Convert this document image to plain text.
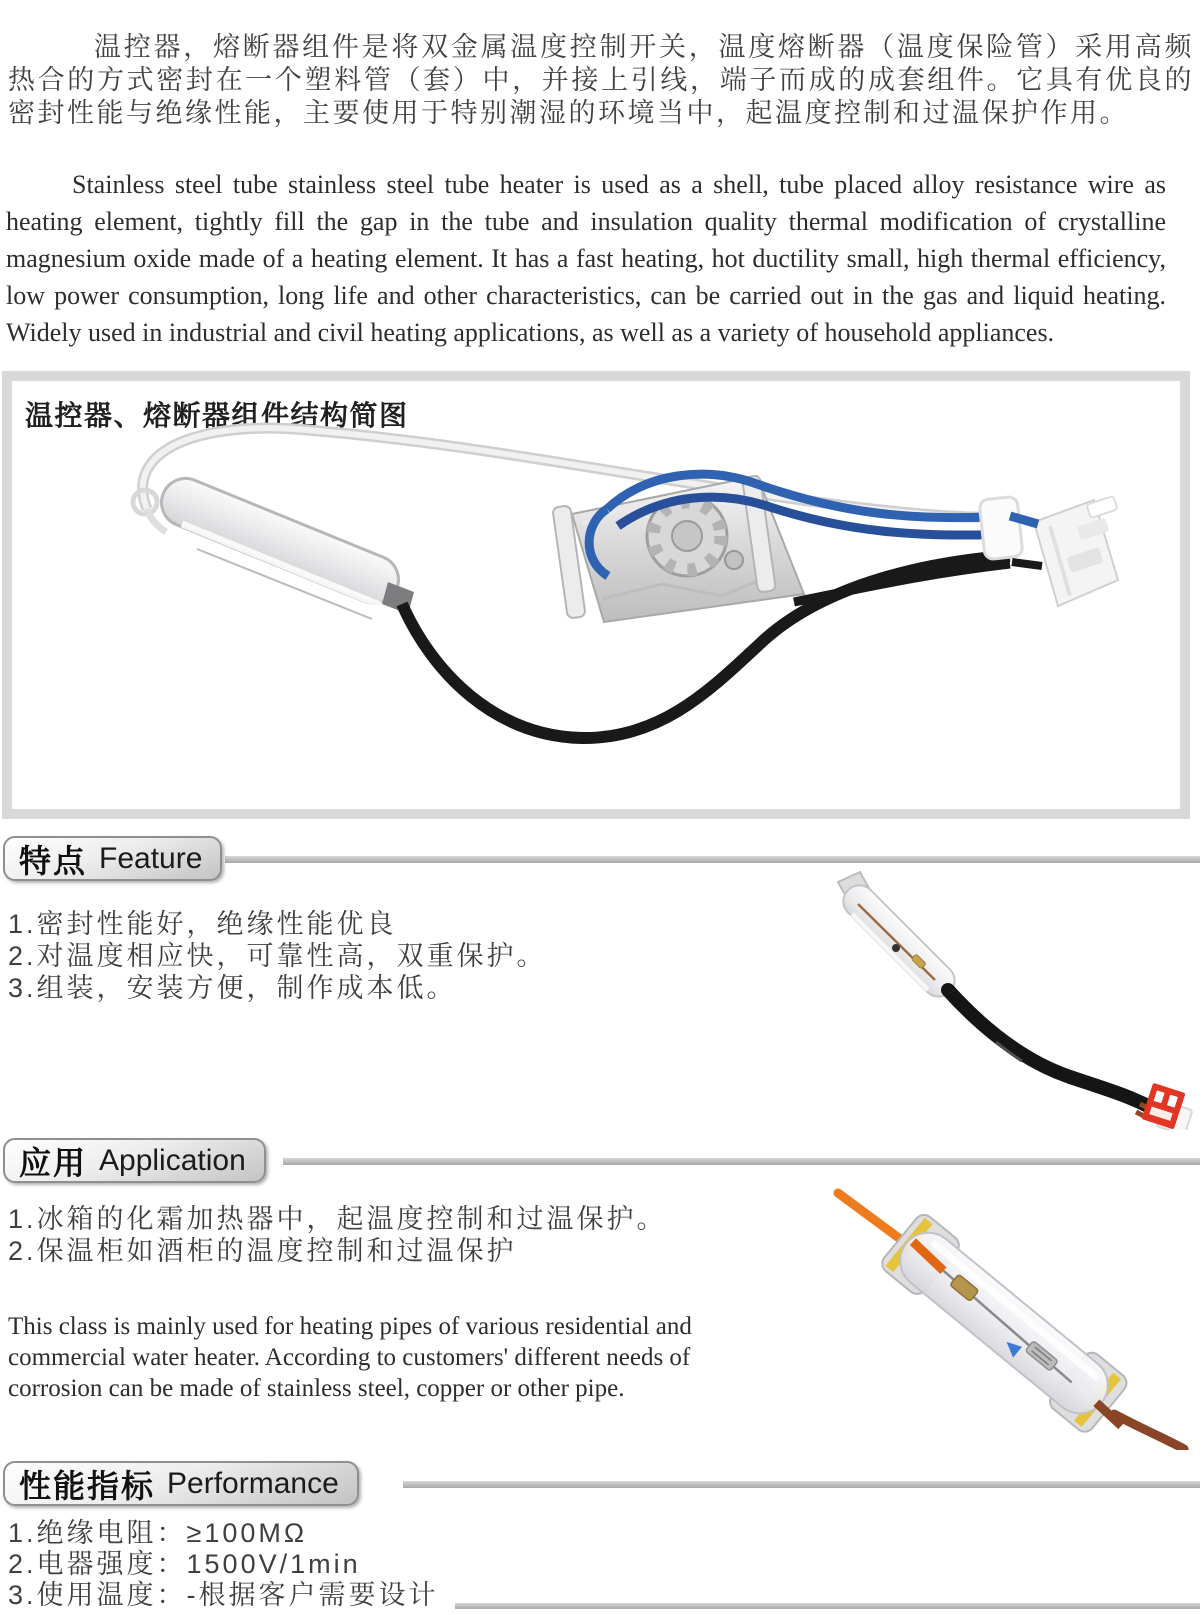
温控器，熔断器组件是将双金属温度控制开关，温度熔断器（温度保险管）采用高频热合的方式密封在一个塑料管（套）中，并接上引线，端子而成的成套组件。它具有优良的密封性能与绝缘性能，主要使用于特别潮湿的环境当中，起温度控制和过温保护作用。

Stainless steel tube stainless steel tube heater is used as a shell, tube placed alloy resistance wire as heating element, tightly fill the gap in the tube and insulation quality thermal modification of crystalline magnesium oxide made of a heating element. It has a fast heating, hot ductility small, high thermal efficiency, low power consumption, long life and other characteristics, can be carried out in the gas and liquid heating. Widely used in industrial and civil heating applications, as well as a variety of household appliances.

温控器、熔断器组件结构简图
特点 Feature
1.密封性能好，绝缘性能优良
2.对温度相应快，可靠性高，双重保护。
3.组装，安装方便，制作成本低。
应用 Application
1.冰箱的化霜加热器中，起温度控制和过温保护。
2.保温柜如酒柜的温度控制和过温保护

This class is mainly used for heating pipes of various residential and commercial water heater. According to customers' different needs of corrosion can be made of stainless steel, copper or other pipe.

性能指标 Performance
1.绝缘电阻：≥100MΩ
2.电器强度：1500V/1min
3.使用温度：-根据客户需要设计
